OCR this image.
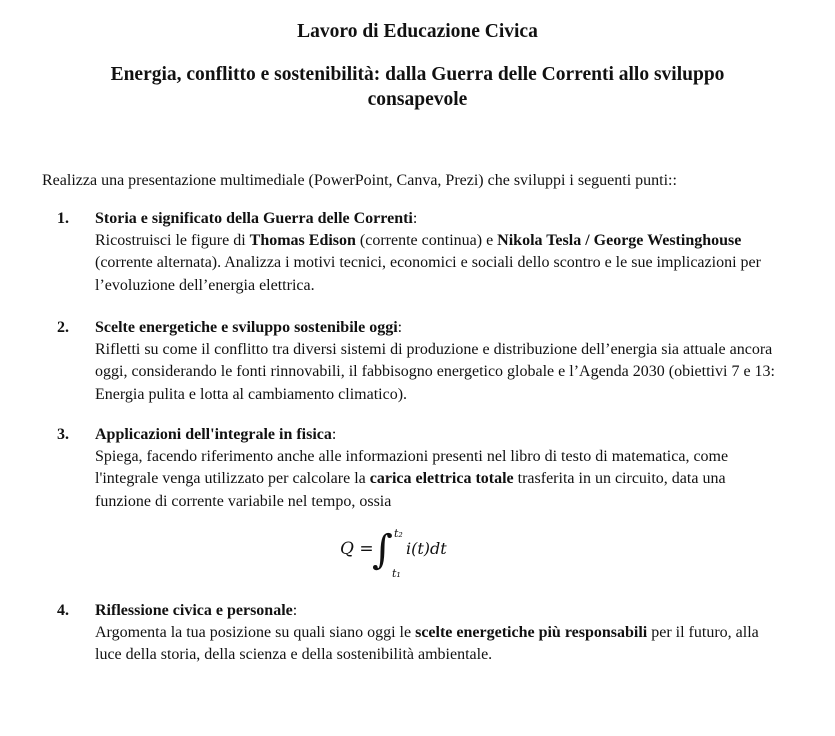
Lavoro di Educazione Civica
Energia, conflitto e sostenibilità: dalla Guerra delle Correnti allo sviluppo consapevole
Realizza una presentazione multimediale (PowerPoint, Canva, Prezi) che sviluppi i seguenti punti::
1. Storia e significato della Guerra delle Correnti:
Ricostruisci le figure di Thomas Edison (corrente continua) e Nikola Tesla / George Westinghouse (corrente alternata). Analizza i motivi tecnici, economici e sociali dello scontro e le sue implicazioni per l’evoluzione dell’energia elettrica.
2. Scelte energetiche e sviluppo sostenibile oggi:
Rifletti su come il conflitto tra diversi sistemi di produzione e distribuzione dell’energia sia attuale ancora oggi, considerando le fonti rinnovabili, il fabbisogno energetico globale e l’Agenda 2030 (obiettivi 7 e 13: Energia pulita e lotta al cambiamento climatico).
3. Applicazioni dell'integrale in fisica:
Spiega, facendo riferimento anche alle informazioni presenti nel libro di testo di matematica, come l'integrale venga utilizzato per calcolare la carica elettrica totale trasferita in un circuito, data una funzione di corrente variabile nel tempo, ossia
Q =
∫ t₂
t₁
i(t)dt
4. Riflessione civica e personale:
Argomenta la tua posizione su quali siano oggi le scelte energetiche più responsabili per il futuro, alla luce della storia, della scienza e della sostenibilità ambientale.
